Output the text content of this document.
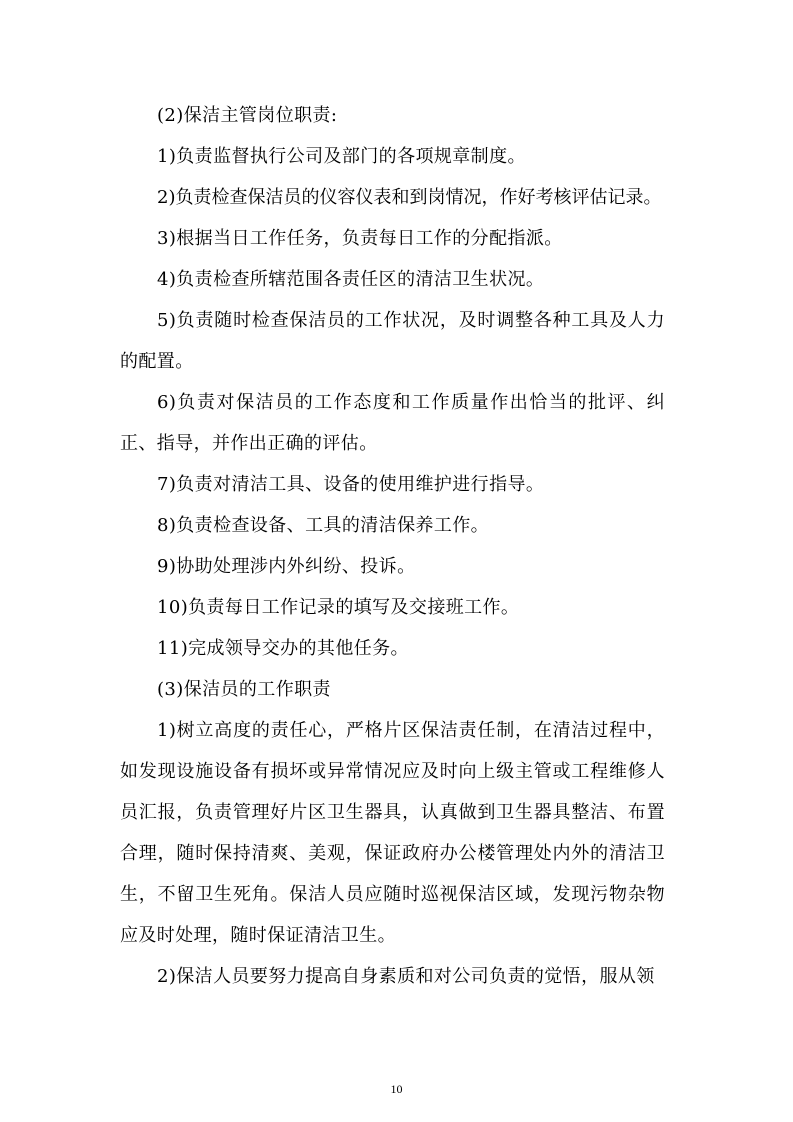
(2)保洁主管岗位职责:

1)负责监督执行公司及部门的各项规章制度。

2)负责检查保洁员的仪容仪表和到岗情况，作好考核评估记录。

3)根据当日工作任务，负责每日工作的分配指派。

4)负责检查所辖范围各责任区的清洁卫生状况。

5)负责随时检查保洁员的工作状况，及时调整各种工具及人力的配置。

6)负责对保洁员的工作态度和工作质量作出恰当的批评、纠正、指导，并作出正确的评估。

7)负责对清洁工具、设备的使用维护进行指导。

8)负责检查设备、工具的清洁保养工作。

9)协助处理涉内外纠纷、投诉。

10)负责每日工作记录的填写及交接班工作。

11)完成领导交办的其他任务。

(3)保洁员的工作职责

1)树立高度的责任心，严格片区保洁责任制，在清洁过程中，如发现设施设备有损坏或异常情况应及时向上级主管或工程维修人员汇报，负责管理好片区卫生器具，认真做到卫生器具整洁、布置合理，随时保持清爽、美观，保证政府办公楼管理处内外的清洁卫生，不留卫生死角。保洁人员应随时巡视保洁区域，发现污物杂物应及时处理，随时保证清洁卫生。

2)保洁人员要努力提高自身素质和对公司负责的觉悟，服从领

10
